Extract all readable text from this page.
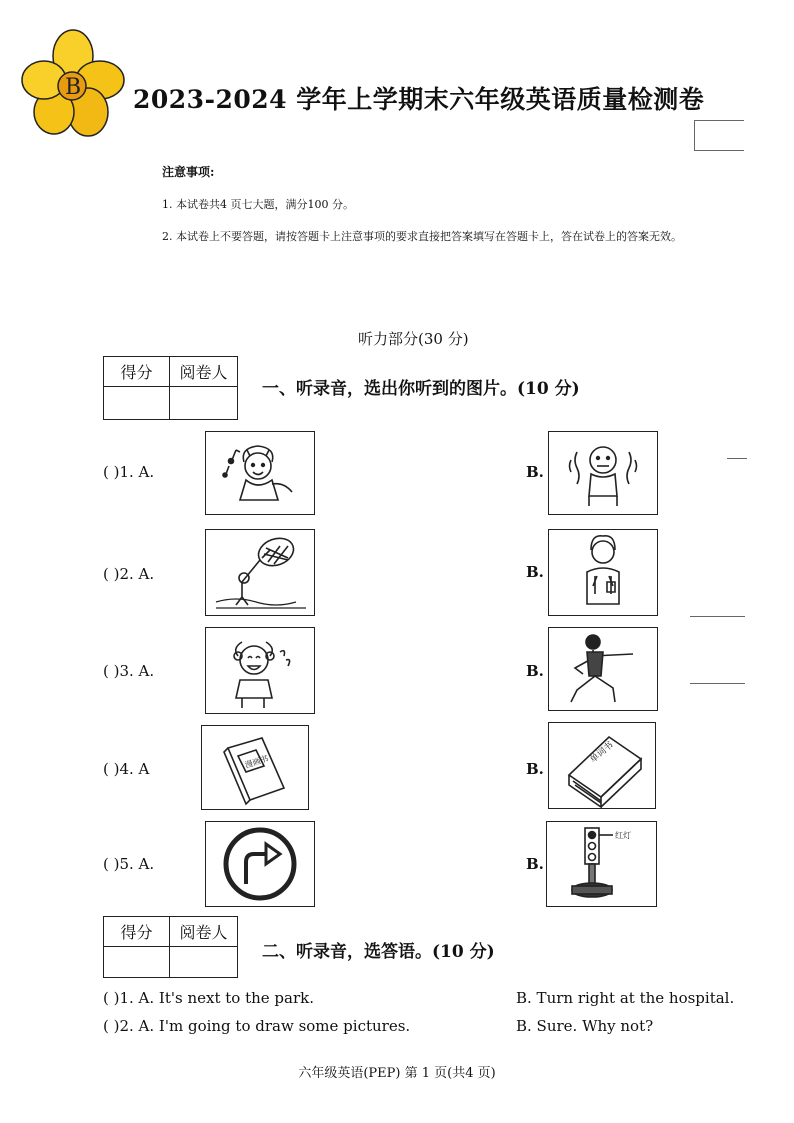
B 2023-2024 学年上学期末六年级英语质量检测卷
注意事项:
1. 本试卷共4 页七大题，满分100 分。
2. 本试卷上不要答题，请按答题卡上注意事项的要求直接把答案填写在答题卡上，答在试卷上的答案无效。
听力部分(30 分)
得分	阅卷人

一、听录音，选出你听到的图片。(10 分)
( )1. A.	B.
( )2. A.	B.
( )3. A.	B.
( )4. A	漫画书	B.
单词书
( )5. A.	B.
红灯
得分	阅卷人

二、听录音，选答语。(10 分)
( )1. A. It's next to the park.	B. Turn right at the hospital.
( )2. A. I'm going to draw some pictures.	B. Sure. Why not?
六年级英语(PEP) 第 1 页(共4 页)
